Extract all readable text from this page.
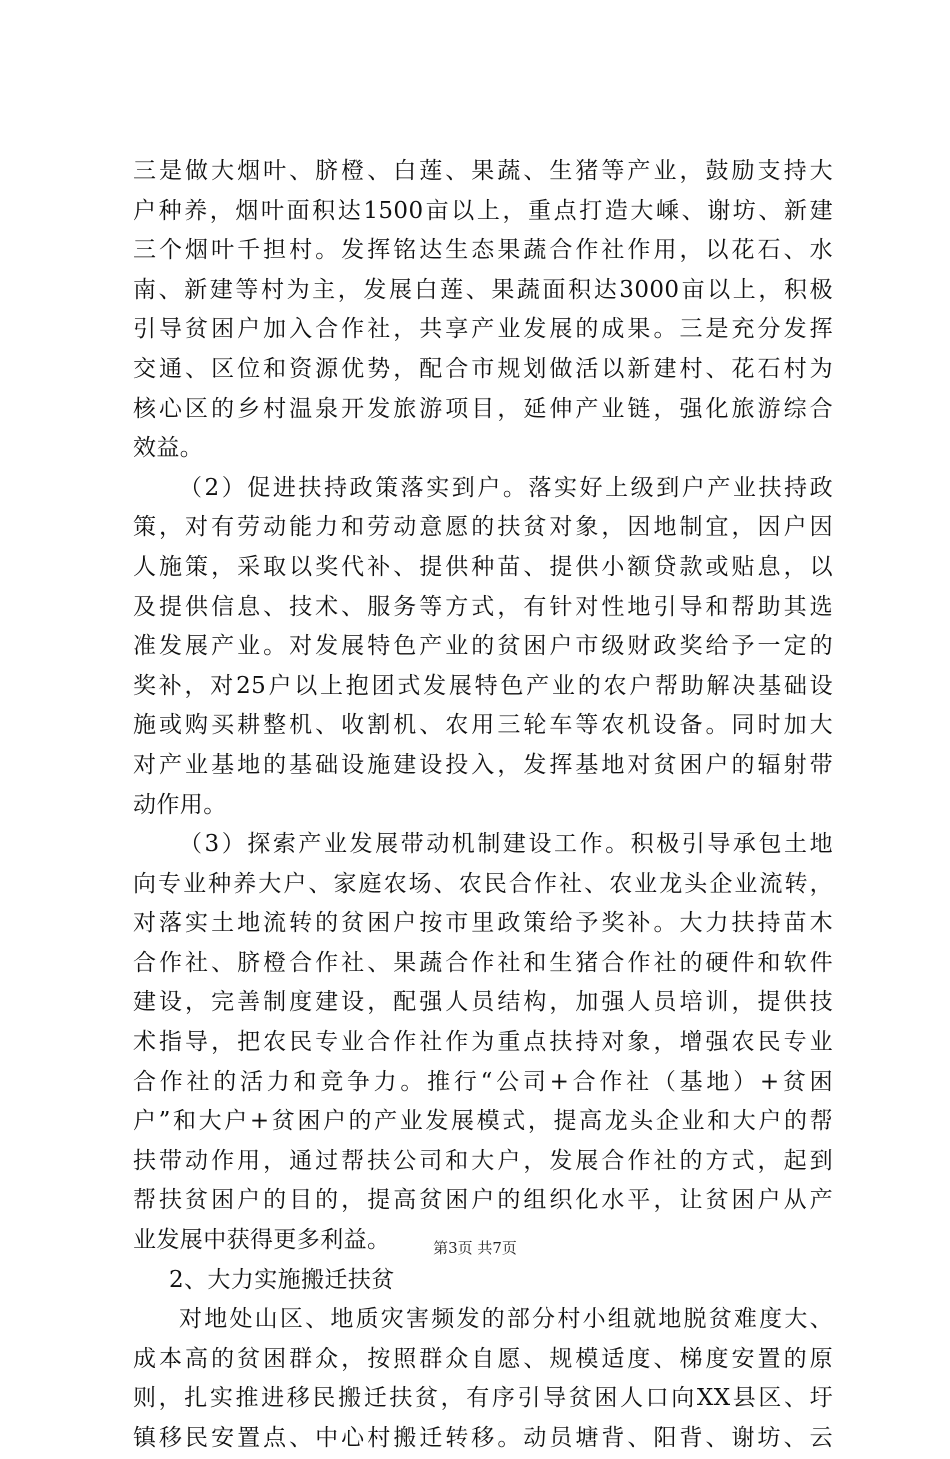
三是做大烟叶、脐橙、白莲、果蔬、生猪等产业，鼓励支持大
户种养，烟叶面积达1500亩以上，重点打造大嵊、谢坊、新建
三个烟叶千担村。发挥铭达生态果蔬合作社作用，以花石、水
南、新建等村为主，发展白莲、果蔬面积达3000亩以上，积极
引导贫困户加入合作社，共享产业发展的成果。三是充分发挥
交通、区位和资源优势，配合市规划做活以新建村、花石村为
核心区的乡村温泉开发旅游项目，延伸产业链，强化旅游综合
效益。
（2）促进扶持政策落实到户。落实好上级到户产业扶持政
策，对有劳动能力和劳动意愿的扶贫对象，因地制宜，因户因
人施策，采取以奖代补、提供种苗、提供小额贷款或贴息，以
及提供信息、技术、服务等方式，有针对性地引导和帮助其选
准发展产业。对发展特色产业的贫困户市级财政奖给予一定的
奖补，对25户以上抱团式发展特色产业的农户帮助解决基础设
施或购买耕整机、收割机、农用三轮车等农机设备。同时加大
对产业基地的基础设施建设投入，发挥基地对贫困户的辐射带
动作用。
（3）探索产业发展带动机制建设工作。积极引导承包土地
向专业种养大户、家庭农场、农民合作社、农业龙头企业流转，
对落实土地流转的贫困户按市里政策给予奖补。大力扶持苗木
合作社、脐橙合作社、果蔬合作社和生猪合作社的硬件和软件
建设，完善制度建设，配强人员结构，加强人员培训，提供技
术指导，把农民专业合作社作为重点扶持对象，增强农民专业
合作社的活力和竞争力。推行“公司+合作社（基地）+贫困
户”和大户+贫困户的产业发展模式，提高龙头企业和大户的帮
扶带动作用，通过帮扶公司和大户，发展合作社的方式，起到
帮扶贫困户的目的，提高贫困户的组织化水平，让贫困户从产
业发展中获得更多利益。
2、大力实施搬迁扶贫
对地处山区、地质灾害频发的部分村小组就地脱贫难度大、
成本高的贫困群众，按照群众自愿、规模适度、梯度安置的原
则，扎实推进移民搬迁扶贫，有序引导贫困人口向XX县区、圩
镇移民安置点、中心村搬迁转移。动员塘背、阳背、谢坊、云
第3页 共7页
